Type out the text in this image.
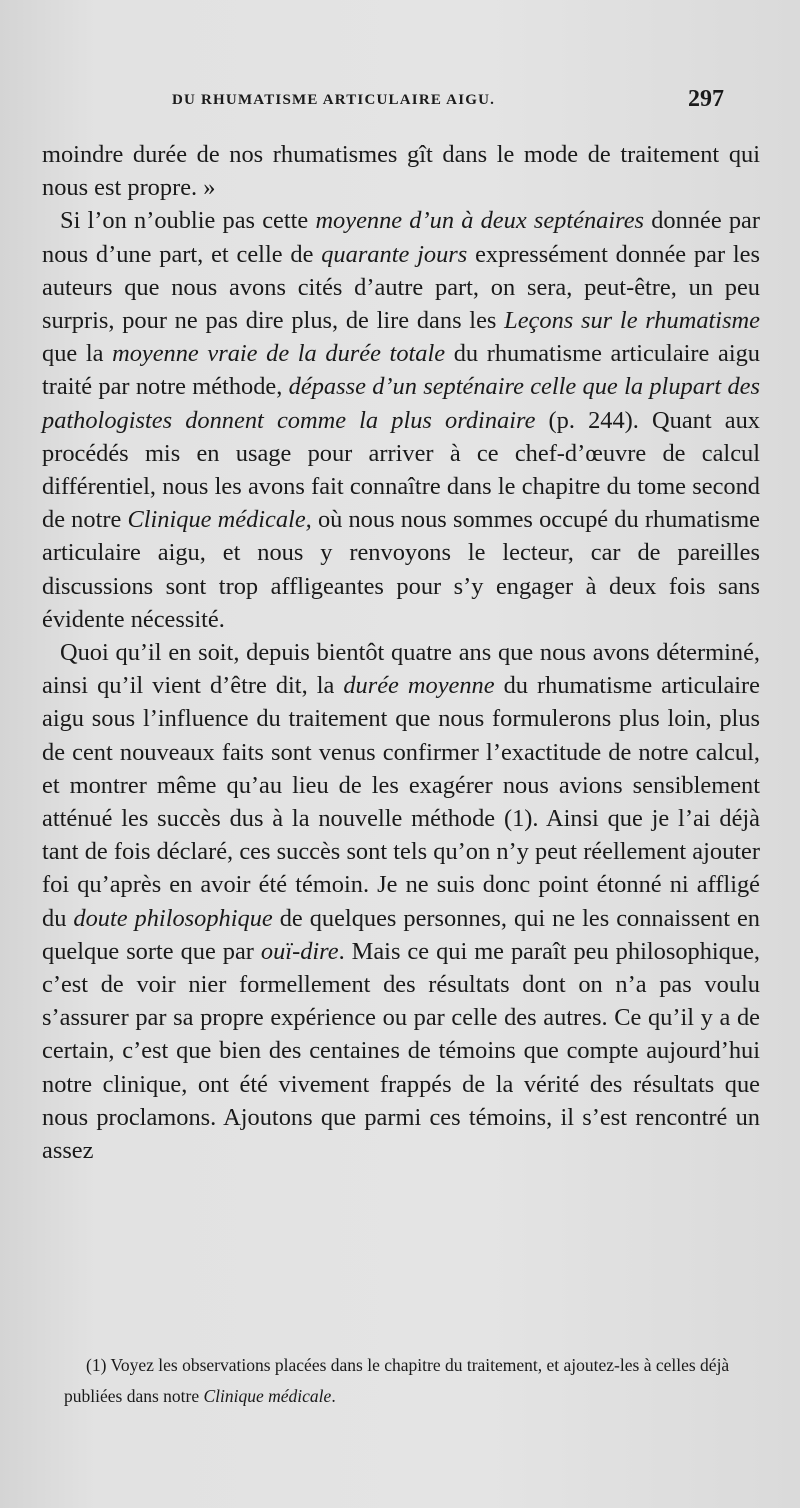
DU RHUMATISME ARTICULAIRE AIGU.	297

moindre durée de nos rhumatismes gît dans le mode de traitement qui nous est propre. »

Si l’on n’oublie pas cette moyenne d’un à deux septénaires donnée par nous d’une part, et celle de quarante jours expressément donnée par les auteurs que nous avons cités d’autre part, on sera, peut-être, un peu surpris, pour ne pas dire plus, de lire dans les Leçons sur le rhumatisme que la moyenne vraie de la durée totale du rhumatisme articulaire aigu traité par notre méthode, dépasse d’un septénaire celle que la plupart des pathologistes donnent comme la plus ordinaire (p. 244). Quant aux procédés mis en usage pour arriver à ce chef-d’œuvre de calcul différentiel, nous les avons fait connaître dans le chapitre du tome second de notre Clinique médicale, où nous nous sommes occupé du rhumatisme articulaire aigu, et nous y renvoyons le lecteur, car de pareilles discussions sont trop affligeantes pour s’y engager à deux fois sans évidente nécessité.

Quoi qu’il en soit, depuis bientôt quatre ans que nous avons déterminé, ainsi qu’il vient d’être dit, la durée moyenne du rhumatisme articulaire aigu sous l’influence du traitement que nous formulerons plus loin, plus de cent nouveaux faits sont venus confirmer l’exactitude de notre calcul, et montrer même qu’au lieu de les exagérer nous avions sensiblement atténué les succès dus à la nouvelle méthode (1). Ainsi que je l’ai déjà tant de fois déclaré, ces succès sont tels qu’on n’y peut réellement ajouter foi qu’après en avoir été témoin. Je ne suis donc point étonné ni affligé du doute philosophique de quelques personnes, qui ne les connaissent en quelque sorte que par ouï-dire. Mais ce qui me paraît peu philosophique, c’est de voir nier formellement des résultats dont on n’a pas voulu s’assurer par sa propre expérience ou par celle des autres. Ce qu’il y a de certain, c’est que bien des centaines de témoins que compte aujourd’hui notre clinique, ont été vivement frappés de la vérité des résultats que nous proclamons. Ajoutons que parmi ces témoins, il s’est rencontré un assez

(1) Voyez les observations placées dans le chapitre du traitement, et ajoutez-les à celles déjà publiées dans notre Clinique médicale.
